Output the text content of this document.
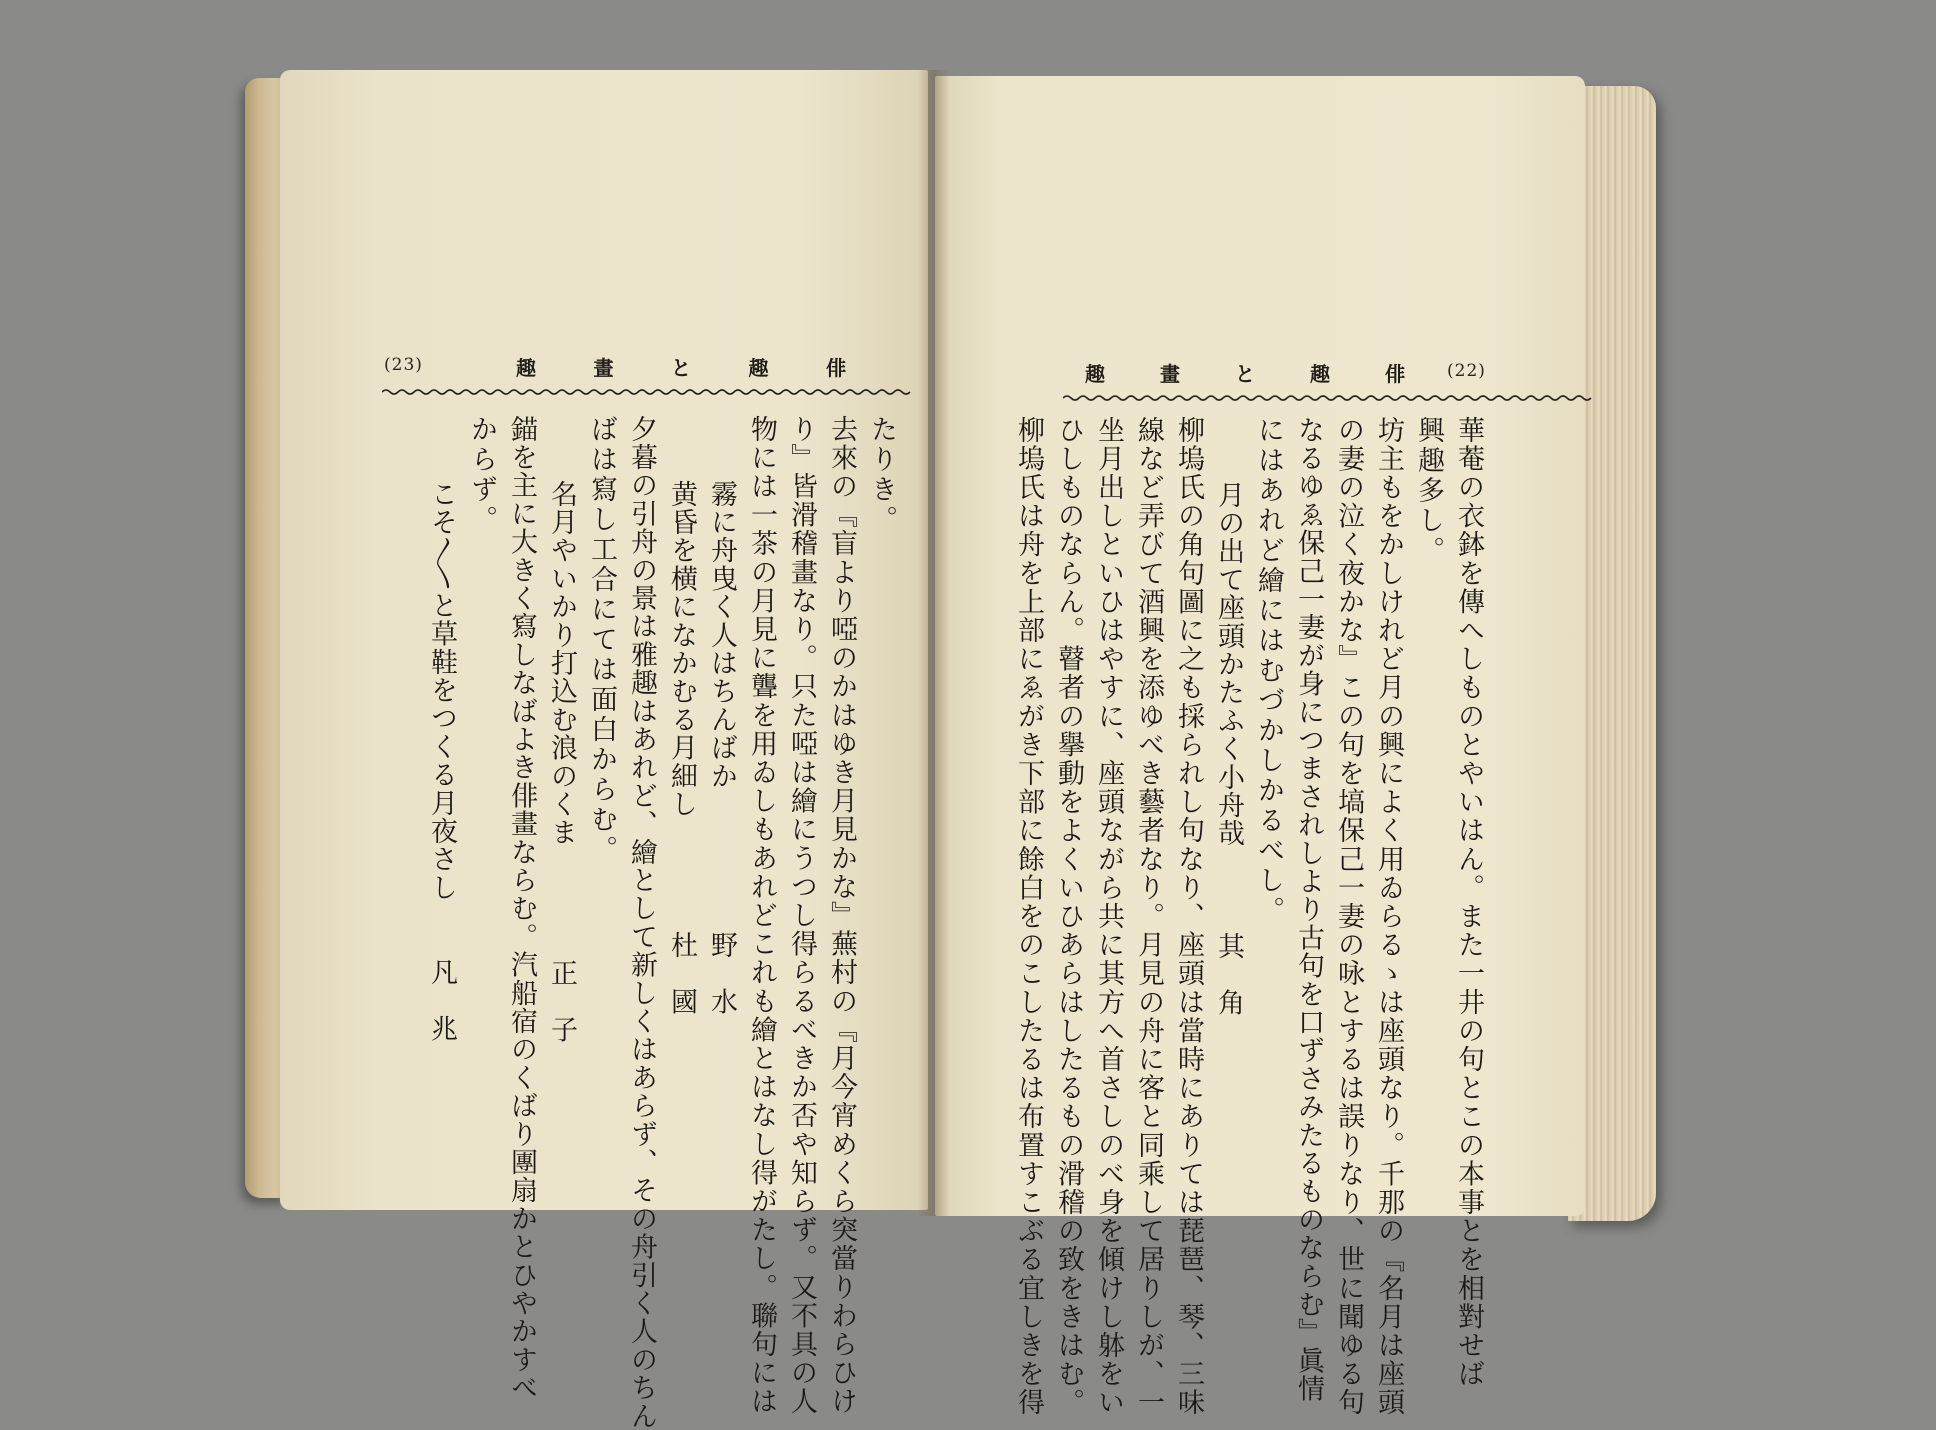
(23)	趣	畫	と	趣	俳
たりき。
去來の『盲より啞のかはゆき月見かな』蕪村の『月今宵めくら突當りわらひけ
り』皆滑稽畫なり。只た啞は繪にうつし得らるべきか否や知らず。又不具の人
物には一茶の月見に聾を用ゐしもあれどこれも繪とはなし得がたし。聯句には
霧に舟曳く人はちんばか　　　　　野　水
黄昏を横になかむる月細し　　　　杜　國
夕暮の引舟の景は雅趣はあれど、繪として新しくはあらず、その舟引く人のちん
ばは寫し工合にては面白からむ。
名月やいかり打込む浪のくま　　　　正　子
錨を主に大きく寫しなばよき俳畫ならむ。汽船宿のくばり團扇かとひやかすべ
からず。
こそ〳〵と草鞋をつくる月夜さし　　凡　兆
(22)
趣	畫	と	趣	俳
華菴の衣鉢を傳へしものとやいはん。また一井の句とこの本事とを相對せば
興趣多し。
坊主もをかしけれど月の興によく用ゐらるゝは座頭なり。千那の『名月は座頭
の妻の泣く夜かな』この句を塙保己一妻の咏とするは誤りなり、世に聞ゆる句
なるゆゑ保己一妻が身につまされしより古句を口ずさみたるものならむ』眞情
にはあれど繪にはむづかしかるべし。
月の出て座頭かたふく小舟哉　　　其　角
柳塢氏の角句圖に之も採られし句なり、座頭は當時にありては琵琶、琴、三味
線など弄びて酒興を添ゆべき藝者なり。月見の舟に客と同乘して居りしが、一
坐月出しといひはやすに、座頭ながら共に其方へ首さしのべ身を傾けし躰をい
ひしものならん。瞽者の擧動をよくいひあらはしたるもの滑稽の致をきはむ。
柳塢氏は舟を上部にゑがき下部に餘白をのこしたるは布置すこぶる宜しきを得
